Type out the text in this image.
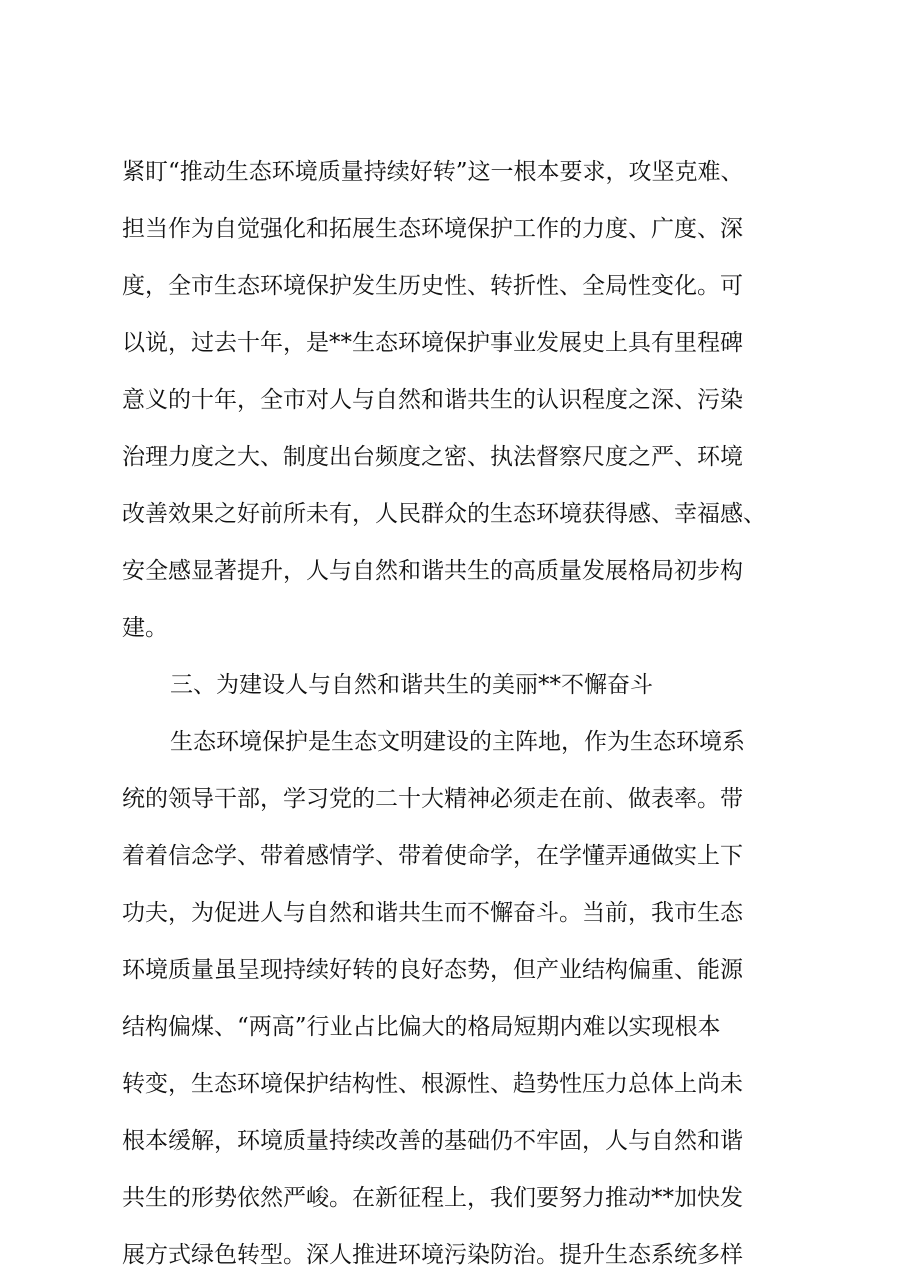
紧盯“推动生态环境质量持续好转”这一根本要求，攻坚克难、
担当作为自觉强化和拓展生态环境保护工作的力度、广度、深
度，全市生态环境保护发生历史性、转折性、全局性变化。可
以说，过去十年，是**生态环境保护事业发展史上具有里程碑
意义的十年，全市对人与自然和谐共生的认识程度之深、污染
治理力度之大、制度出台频度之密、执法督察尺度之严、环境
改善效果之好前所未有，人民群众的生态环境获得感、幸福感、
安全感显著提升，人与自然和谐共生的高质量发展格局初步构
建。
三、为建设人与自然和谐共生的美丽**不懈奋斗
生态环境保护是生态文明建设的主阵地，作为生态环境系
统的领导干部，学习党的二十大精神必须走在前、做表率。带
着着信念学、带着感情学、带着使命学，在学懂弄通做实上下
功夫，为促进人与自然和谐共生而不懈奋斗。当前，我市生态
环境质量虽呈现持续好转的良好态势，但产业结构偏重、能源
结构偏煤、“两高”行业占比偏大的格局短期内难以实现根本
转变，生态环境保护结构性、根源性、趋势性压力总体上尚未
根本缓解，环境质量持续改善的基础仍不牢固，人与自然和谐
共生的形势依然严峻。在新征程上，我们要努力推动**加快发
展方式绿色转型。深人推进环境污染防治。提升生态系统多样
